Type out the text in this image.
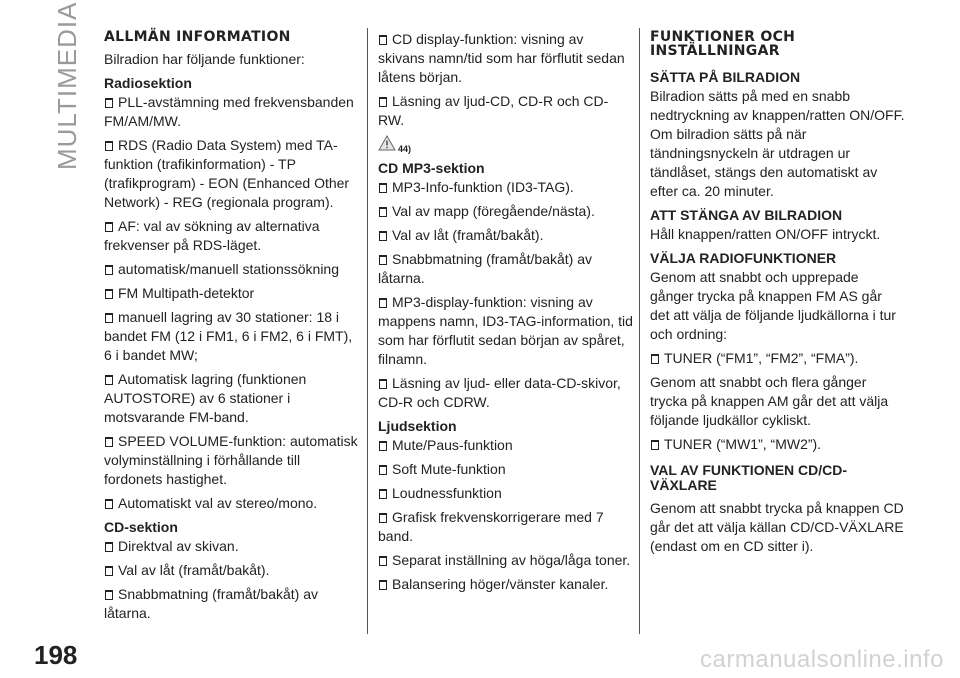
MULTIMEDIA ALLMÄN INFORMATION

Bilradion har följande funktioner:

Radiosektion
PLL-avstämning med frekvensbanden FM/AM/MW.
RDS (Radio Data System) med TA-funktion (trafikinformation) - TP (trafikprogram) - EON (Enhanced Other Network) - REG (regionala program).
AF: val av sökning av alternativa frekvenser på RDS-läget.
automatisk/manuell stationssökning
FM Multipath-detektor
manuell lagring av 30 stationer: 18 i bandet FM (12 i FM1, 6 i FM2, 6 i FMT), 6 i bandet MW;
Automatisk lagring (funktionen AUTOSTORE) av 6 stationer i motsvarande FM-band.
SPEED VOLUME-funktion: automatisk volyminställning i förhållande till fordonets hastighet.
Automatiskt val av stereo/mono.
CD-sektion
Direktval av skivan.
Val av låt (framåt/bakåt).
Snabbmatning (framåt/bakåt) av låtarna.
CD display-funktion: visning av skivans namn/tid som har förflutit sedan låtens början.
Läsning av ljud-CD, CD-R och CD-RW.
44)
CD MP3-sektion
MP3-Info-funktion (ID3-TAG).
Val av mapp (föregående/nästa).
Val av låt (framåt/bakåt).
Snabbmatning (framåt/bakåt) av låtarna.
MP3-display-funktion: visning av mappens namn, ID3-TAG-information, tid som har förflutit sedan början av spåret, filnamn.
Läsning av ljud- eller data-CD-skivor, CD-R och CDRW.
Ljudsektion
Mute/Paus-funktion
Soft Mute-funktion
Loudnessfunktion
Grafisk frekvenskorrigerare med 7 band.
Separat inställning av höga/låga toner.
Balansering höger/vänster kanaler.
FUNKTIONER OCH
INSTÄLLNINGAR
SÄTTA PÅ BILRADION

Bilradion sätts på med en snabb nedtryckning av knappen/ratten ON/OFF.

Om bilradion sätts på när tändningsnyckeln är utdragen ur tändlåset, stängs den automatiskt av efter ca. 20 minuter.

ATT STÄNGA AV BILRADION

Håll knappen/ratten ON/OFF intryckt.

VÄLJA RADIOFUNKTIONER

Genom att snabbt och upprepade gånger trycka på knappen FM AS går det att välja de följande ljudkällorna i tur och ordning:

TUNER (“FM1”, “FM2”, “FMA”).

Genom att snabbt och flera gånger trycka på knappen AM går det att välja följande ljudkällor cykliskt.

TUNER (“MW1”, “MW2”).
VAL AV FUNKTIONEN CD/CD-
VÄXLARE

Genom att snabbt trycka på knappen CD går det att välja källan CD/CD-VÄXLARE (endast om en CD sitter i).

198	carmanualsonline.info
